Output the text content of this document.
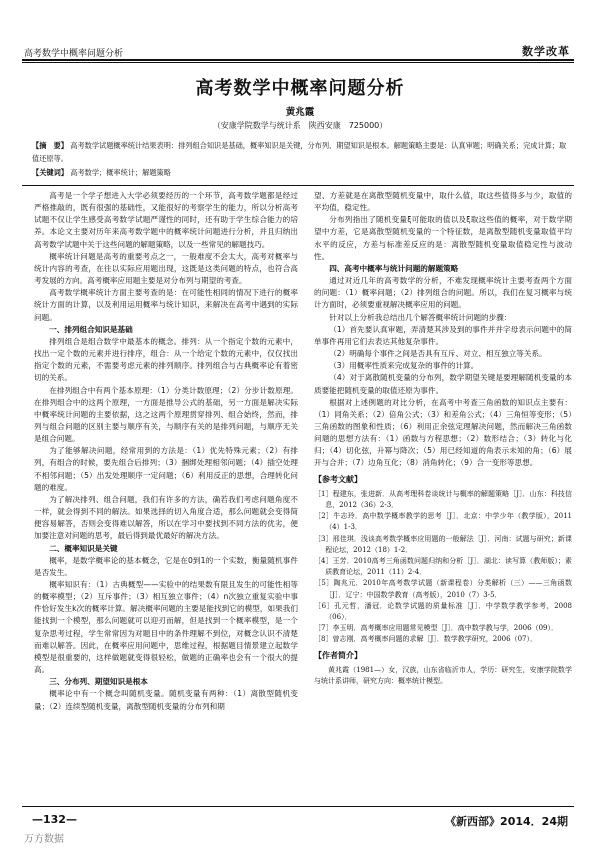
高考数学中概率问题分析	数学改革
高考数学中概率问题分析
黄兆霞
（安康学院数学与统计系　陕西安康　725000）
【摘　要】 高考数学试题概率统计结果表明：排列组合知识是基础，概率知识是关键，分布列、期望知识是根本。解题策略主要是：认真审题；明确关系；完成计算；取值还原等。
【关键词】 高考数学；概率统计；解题策略

高考是一个学子想进入大学必须要经历的一个环节，高考数学题都是经过严格推敲的，既有很强的基础性，又能很好的考察学生的能力，所以分析高考试题不仅让学生感受高考数学试题严谨性的同时，还有助于学生综合能力的培养。本论文主要对历年来高考数学题中的概率统计问题进行分析，并且归纳出高考数学试题中关于这些问题的解题策略，以及一些常见的解题技巧。

概率统计问题是高考的重要考点之一，一般难度不会太大，高考对概率与统计内容的考查，在往以实际应用题出现，这既是这类问题的特点，也符合高考发展的方向。高考概率应用题主要是对分布列与期望的考查。

高考数学概率统计方面主要考查的是：在可能性相同的情况下进行的概率统计方面的计算，以及利用运用概率与统计知识，来解决在高考中遇到的实际问题。

一、排列组合知识是基础

排列组合是组合数学中最基本的概念。排列：从一个指定个数的元素中，找出一定个数的元素并进行排序，组合：从一个给定个数的元素中，仅仅找出指定个数的元素，不需要考虑元素的排列顺序。排列组合与古典概率论有着密切的关系。

在排列组合中有两个基本原理：（1）分类计数原理；（2）分步计数原理。在排列组合中的这两个原理，一方面是推导公式的基础，另一方面是解决实际中概率统计问题的主要依据，这之这两个原理贯穿排列、组合始终，然而，排列与组合问题的区别主要与顺序有关，与顺序有关的是排列问题，与顺序无关是组合问题。

为了能够解决问题，经常用到的方法是：（1）优先特殊元素；（2）有排列，有组合的时候，要先组合后排列；（3）捆绑处理相邻问题；（4）插空处理不相邻问题；（5）出发处理顺序一定问题；（6）利用反正的思想，合理转化问题的难度。

为了解决排列、组合问题，我们有许多的方法，确若我们考虑问题角度不一样，就会得到不同的解法。如果选择的切入角度合适，那么问题就会变得简便容易解答，否则会变得难以解答，所以在学习中要找到不同方法的优劣，便加要注意对问题的思考，最后得到最优最好的解决方法。

二、概率知识是关键

概率，是数学概率论的基本概念，它是在0到1的一个实数，衡量随机事件是否发生。

概率知识有：（1）古典概型——实验中的结果数有限且发生的可能性相等的概率模型；（2）互斥事件；（3）相互独立事件；（4）n次独立重复实验中事件恰好发生k次的概率计算。解决概率问题的主要是能找到它的模型，如果我们能找到一个模型，那么问题就可以迎刃而解，但是找到一个概率模型，是一个复杂思考过程，学生常常因为对题目中的条件理解不到位，对概念认识不清楚而难以解答。因此，在概率应用问题中，思维过程，根据题目情景建立起数学模型是很重要的，这样做题就变得很轻松，做题的正确率也会有一个很大的提高。

三、分布列、期望知识是根本

概率论中有一个概念叫随机变量。随机变量有两种：（1）离散型随机变量；（2）连续型随机变量，离散型随机变量的分布列和期

望、方差就是在离散型随机变量中，取什么值，取这些值得多与少，取值的平均值，稳定性。

分布列指出了随机变量ξ可能取的值以及ξ取这些值的概率，对于数学期望中方差，它是离散型随机变量的一个特征数，是离散型随机变量取值平均水平的反应，方差与标准差反应的是：离散型随机变量取值稳定性与波动性。

四、高考中概率与统计问题的解题策略

通过对近几年的高考数学的分析，不难发现概率统计主要考查两个方面的问题：（1）概率问题；（2）排列组合的问题。所以，我们在复习概率与统计方面时，必须要重视解决概率应用的问题。

针对以上分析我总结出几个解答概率统计问题的步骤：

（1）首先要认真审题，弄清楚其涉及到的事件并并字母表示问题中的简单事件再用它们去表达其他复杂事件。

（2）明确每个事件之间是否具有互斥、对立、相互独立等关系。

（3）用概率性质来完成复杂的事件的计算。

（4）对于离散随机变量的分布列，数学期望关键是要理解随机变量的本质要能把随机变量的取值还原为事件。

根据对上述例题的对比分析，在高考中考查三角函数的知识点主要有：（1）同角关系；（2）倍角公式；（3）和差角公式；（4）三角恒等变形；（5）三角函数的图象和性质；（6）利用正余弦定理解决问题，然而解决三角函数问题的思想方法有：（1）函数与方程思想；（2）数形结合；（3）转化与化归；（4）切化弦，升幂与降次；（5）用已经知道的角表示未知的角；（6）展开与合并；（7）边角互化；（8）消角转化；（9）合一变形等思想。

【参考文献】

［1］程建东，张进新．从高考理科卷谈统计与概率的解题策略［J］．山东：科技信息，2012（36）2-3．

［2］牛志玲．高中数学概率教学的思考［J］．北京：中学少年（教学版），2011（4）1-3．

［3］邢佳琪．浅谈高考数学概率应用题的一般解法［J］．河南：试题与研究；新课程论坛，2012（18）1-2．

［4］王芳．2010高考三角函数问题归纳和分析［J］．湖北：读写算（教师版）；素质教育论坛，2011（11）2-4．

［5］陶兆元．2010年高考数学试题（新课程卷）分类解析（三）——三角函数［J］．辽宁：中国数学教育（高考版），2010（7）3-5．

［6］孔元哲，潘冠．论数学试题的质量标准［J］．中学数学教学参考，2008（06）．

［7］李玉明．高考概率应用题常见模型［J］．高中数学教与学，2006（09）．

［8］曾志刚．高考概率问题的求解［J］．数学教学研究，2006（07）．

【作者简介】

黄兆霞（1981—）女，汉族，山东省临沂市人，学历：研究生，安康学院数学与统计系讲师，研究方向：概率统计模型。

—132—	《新西部》2014．24期
万方数据
